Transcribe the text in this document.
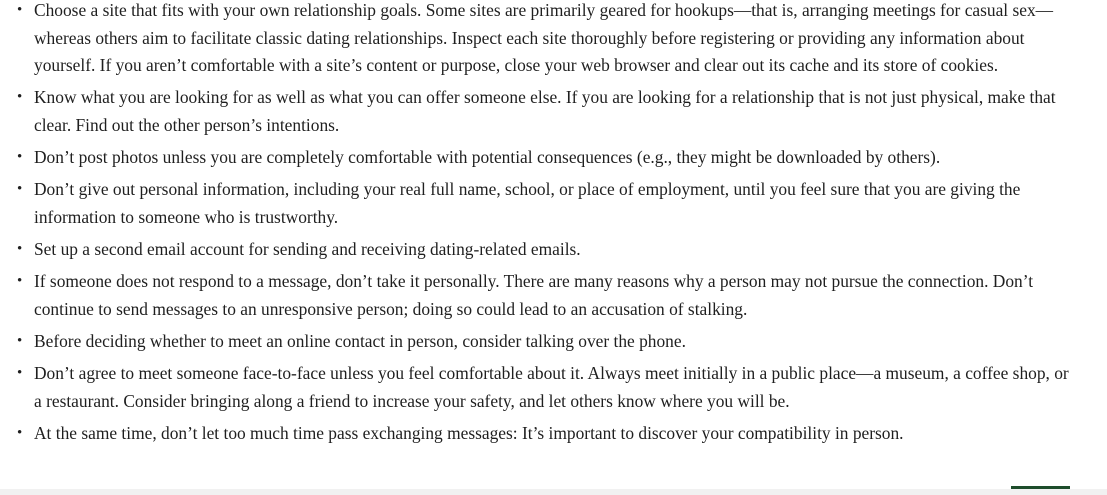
• Choose a site that fits with your own relationship goals. Some sites are primarily geared for hookups—that is, arranging meetings for casual sex—whereas others aim to facilitate classic dating relationships. Inspect each site thoroughly before registering or providing any information about yourself. If you aren’t comfortable with a site’s content or purpose, close your web browser and clear out its cache and its store of cookies.
• Know what you are looking for as well as what you can offer someone else. If you are looking for a relationship that is not just physical, make that clear. Find out the other person’s intentions.
• Don’t post photos unless you are completely comfortable with potential consequences (e.g., they might be downloaded by others).
• Don’t give out personal information, including your real full name, school, or place of employment, until you feel sure that you are giving the information to someone who is trustworthy.
• Set up a second email account for sending and receiving dating-related emails.
• If someone does not respond to a message, don’t take it personally. There are many reasons why a person may not pursue the connection. Don’t continue to send messages to an unresponsive person; doing so could lead to an accusation of stalking.
• Before deciding whether to meet an online contact in person, consider talking over the phone.
• Don’t agree to meet someone face-to-face unless you feel comfortable about it. Always meet initially in a public place—a museum, a coffee shop, or a restaurant. Consider bringing along a friend to increase your safety, and let others know where you will be.
• At the same time, don’t let too much time pass exchanging messages: It’s important to discover your compatibility in person.
